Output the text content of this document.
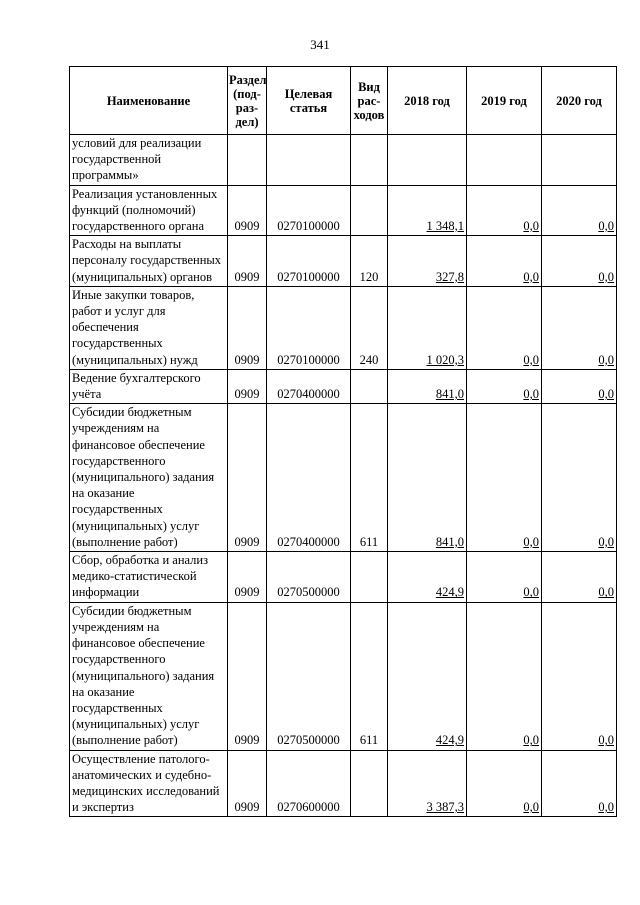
341
Наименование	Раздел (под-раз-дел)	Целевая статья	Вид рас-ходов	2018 год	2019 год	2020 год
условий для реализации государственной программы»						
Реализация установленных функций (полномочий) государственного органа	0909	0270100000		1 348,1	0,0	0,0
Расходы на выплаты персоналу государственных (муниципальных) органов	0909	0270100000	120	327,8	0,0	0,0
Иные закупки товаров, работ и услуг для обеспечения государственных (муниципальных) нужд	0909	0270100000	240	1 020,3	0,0	0,0
Ведение бухгалтерского учёта	0909	0270400000		841,0	0,0	0,0
Субсидии бюджетным учреждениям на финансовое обеспечение государственного (муниципального) задания на оказание государственных (муниципальных) услуг (выполнение работ)	0909	0270400000	611	841,0	0,0	0,0
Сбор, обработка и анализ медико-статистической информации	0909	0270500000		424,9	0,0	0,0
Субсидии бюджетным учреждениям на финансовое обеспечение государственного (муниципального) задания на оказание государственных (муниципальных) услуг (выполнение работ)	0909	0270500000	611	424,9	0,0	0,0
Осуществление патолого-анатомических и судебно-медицинских исследований и экспертиз	0909	0270600000		3 387,3	0,0	0,0
